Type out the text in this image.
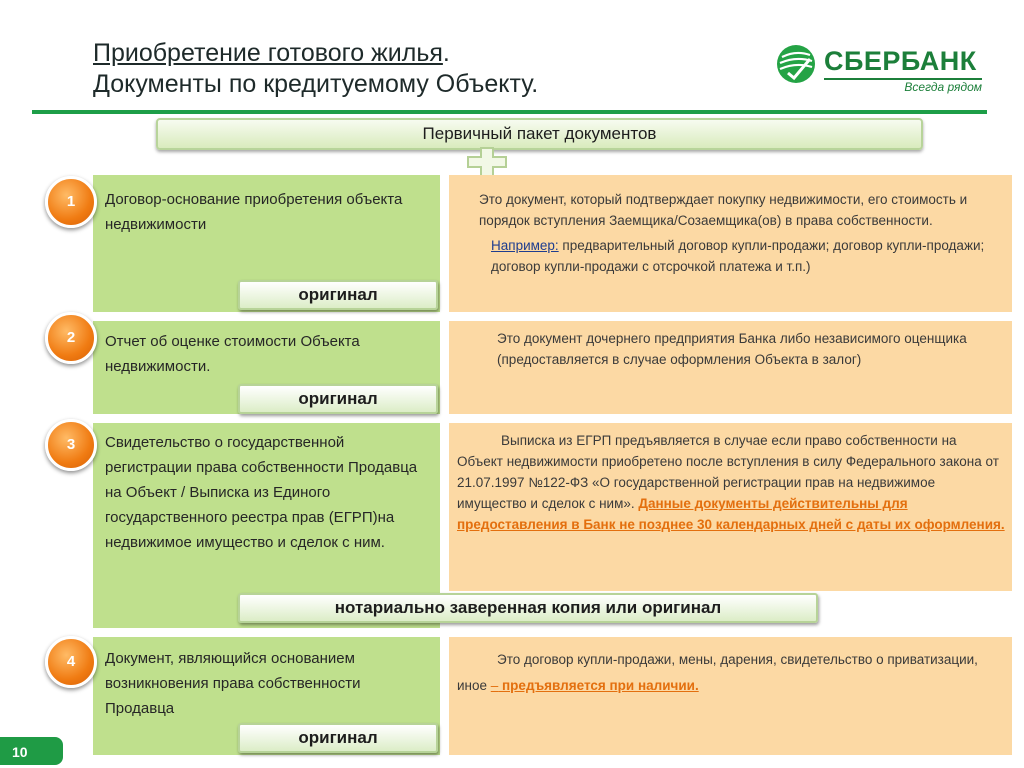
Приобретение готового жилья.
Документы по кредитуемому Объекту.
СБЕРБАНК
Всегда рядом
Первичный пакет документов
1	Договор-основание приобретения объекта недвижимости
Это документ, который подтверждает покупку недвижимости, его стоимость и порядок вступления Заемщика/Созаемщика(ов) в права собственности.
Например: предварительный договор купли-продажи; договор купли-продажи; договор купли-продажи с отсрочкой платежа и т.п.)
оригинал
2	Отчет об оценке стоимости Объекта недвижимости.
Это документ дочернего предприятия Банка либо независимого оценщика (предоставляется в случае оформления Объекта в залог)
оригинал
3	Свидетельство о государственной регистрации права собственности Продавца на Объект / Выписка из Единого государственного реестра прав (ЕГРП)на недвижимое имущество и сделок с ним.
Выписка из ЕГРП предъявляется в случае если право собственности на Объект недвижимости приобретено после вступления в силу Федерального закона от 21.07.1997 №122-ФЗ «О государственной регистрации прав на недвижимое имущество и сделок с ним». Данные документы действительны для предоставления в Банк не позднее 30 календарных дней с даты их оформления.
нотариально заверенная копия или оригинал
4	Документ, являющийся основанием возникновения права собственности Продавца
Это договор купли-продажи, мены, дарения, свидетельство о приватизации, иное – предъявляется при наличии.
оригинал
10
